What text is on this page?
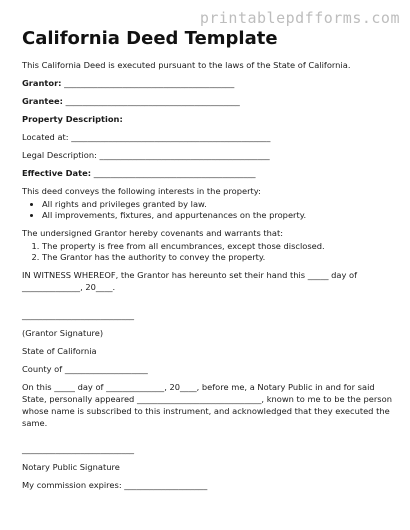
printablepdfforms.com
California Deed Template

This California Deed is executed pursuant to the laws of the State of California.

Grantor: _________________________________________

Grantee: __________________________________________

Property Description:

Located at: ________________________________________________

Legal Description: _________________________________________

Effective Date: _______________________________________

This deed conveys the following interests in the property:

• All rights and privileges granted by law.
• All improvements, fixtures, and appurtenances on the property.

The undersigned Grantor hereby covenants and warrants that:

1. The property is free from all encumbrances, except those disclosed.
2. The Grantor has the authority to convey the property.

IN WITNESS WHEREOF, the Grantor has hereunto set their hand this _____ day of ______________, 20____.

___________________________

(Grantor Signature)

State of California

County of ____________________

On this _____ day of ______________, 20____, before me, a Notary Public in and for said State, personally appeared ______________________________, known to me to be the person whose name is subscribed to this instrument, and acknowledged that they executed the same.

___________________________

Notary Public Signature

My commission expires: ____________________
